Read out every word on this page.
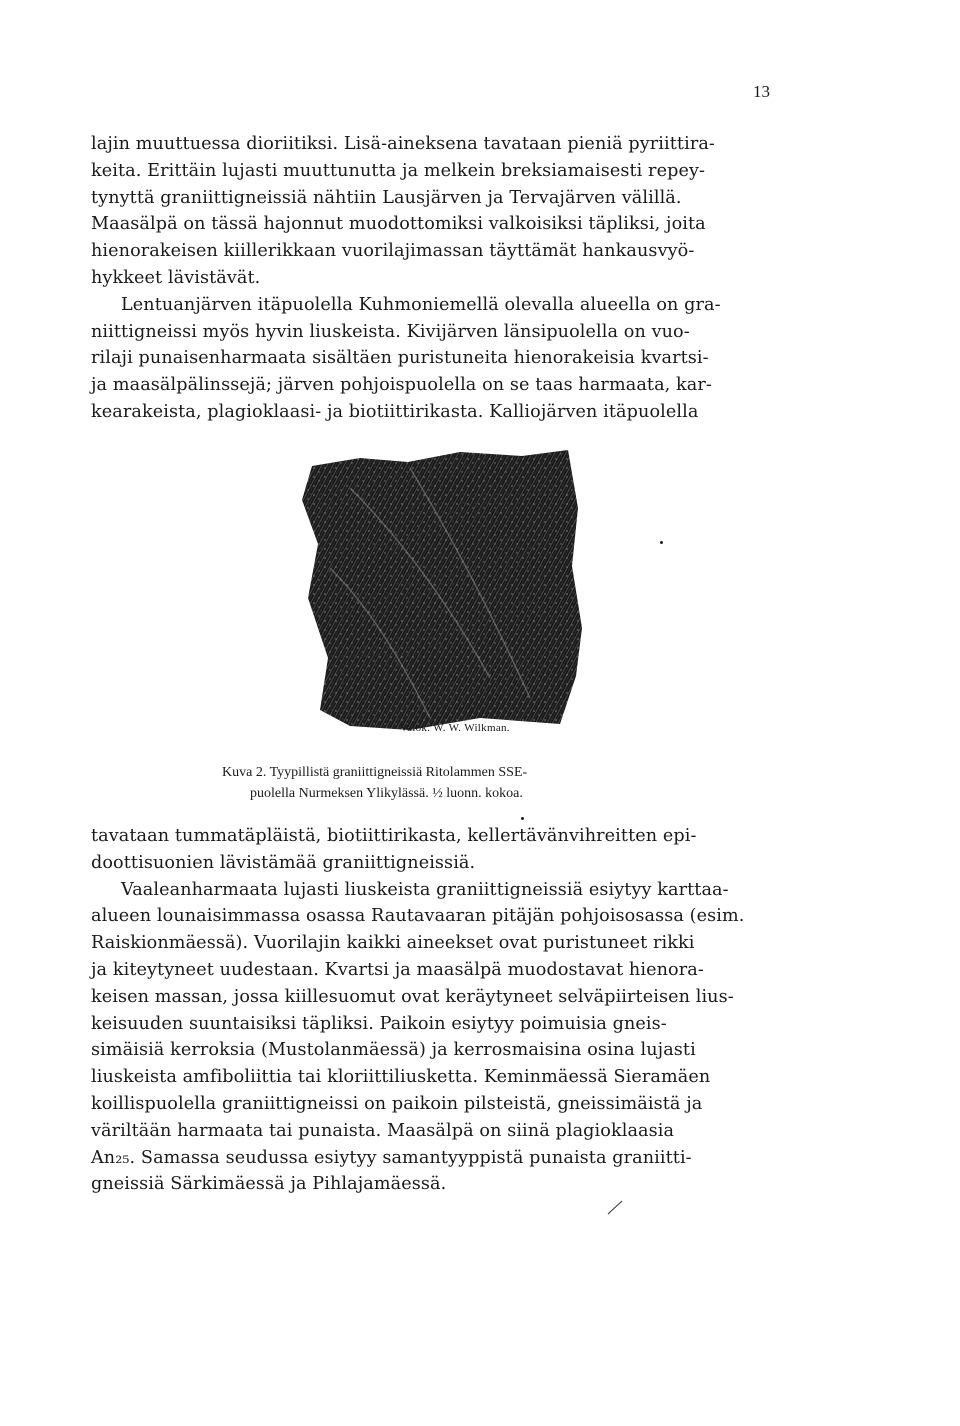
13
lajin muuttuessa dioriitiksi. Lisä-aineksena tavataan pieniä pyriittira-
keita. Erittäin lujasti muuttunutta ja melkein breksiamaisesti repey-
tynyttä graniittigneissiä nähtiin Lausjärven ja Tervajärven välillä.
Maasälpä on tässä hajonnut muodottomiksi valkoisiksi täpliksi, joita
hienorakeisen kiillerikkaan vuorilajimassan täyttämät hankausvyö-
hykkeet lävistävät.
Lentuanjärven itäpuolella Kuhmoniemellä olevalla alueella on gra-
niittigneissi myös hyvin liuskeista. Kivijärven länsipuolella on vuo-
rilaji punaisenharmaata sisältäen puristuneita hienorakeisia kvartsi-
ja maasälpälinssejä; järven pohjoispuolella on se taas harmaata, kar-
kearakeista, plagioklaasi- ja biotiittirikasta. Kalliojärven itäpuolella
Valok. W. W. Wilkman.
Kuva 2. Tyypillistä graniittigneissiä Ritolammen SSE-
puolella Nurmeksen Ylikylässä. ½ luonn. kokoa.
tavataan tummatäpläistä, biotiittirikasta, kellertävänvihreitten epi-
doottisuonien lävistämää graniittigneissiä.
Vaaleanharmaata lujasti liuskeista graniittigneissiä esiytyy karttaa-
alueen lounaisimmassa osassa Rautavaaran pitäjän pohjoisosassa (esim.
Raiskionmäessä). Vuorilajin kaikki aineekset ovat puristuneet rikki
ja kiteytyneet uudestaan. Kvartsi ja maasälpä muodostavat hienora-
keisen massan, jossa kiillesuomut ovat keräytyneet selväpiirteisen lius-
keisuuden suuntaisiksi täpliksi. Paikoin esiytyy poimuisia gneis-
simäisiä kerroksia (Mustolanmäessä) ja kerrosmaisina osina lujasti
liuskeista amfiboliittia tai kloriittiliusketta. Keminmäessä Sieramäen
koillispuolella graniittigneissi on paikoin pilsteistä, gneissimäistä ja
väriltään harmaata tai punaista. Maasälpä on siinä plagioklaasia
An₂₅. Samassa seudussa esiytyy samantyyppistä punaista graniitti-
gneissiä Särkimäessä ja Pihlajamäessä.
